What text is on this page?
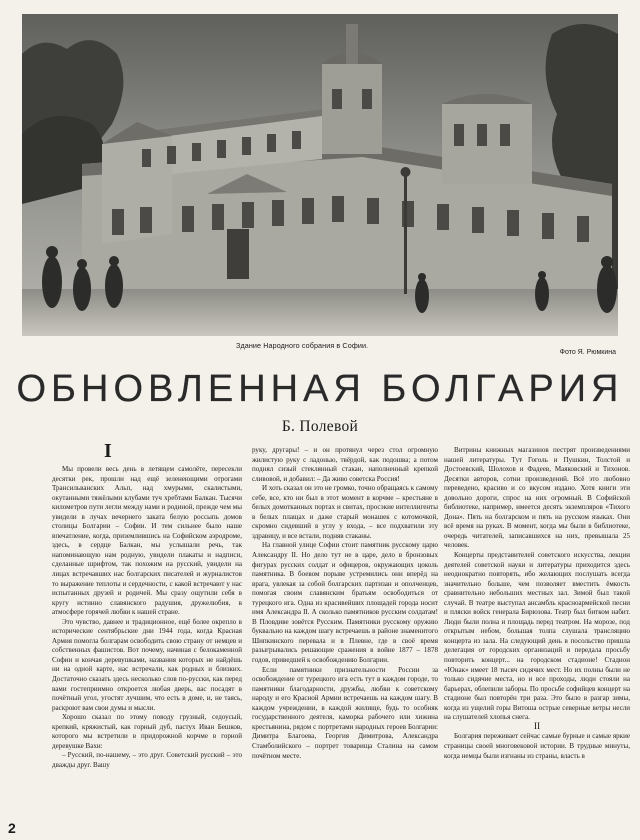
Здание Народного собрания в Софии.
Фото Я. Рюмкина
ОБНОВЛЕННАЯ БОЛГАРИЯ
Б. Полевой
I

Мы провели весь день в летящем самолёте, пересекли десятки рек, прошли над ещё зеленеющими отрогами Трансильванских Альп, над хмурыми, скалистыми, окутанными тяжёлыми клубами туч хребтами Балкан. Тысячи километров пути легли между нами и родиной, прежде чем мы увидели в лучах вечернего заката белую россыпь домов столицы Болгарии – Софии. И тем сильнее было наше впечатление, когда, приземлившись на Софийском аэродроме, здесь, в сердце Балкан, мы услышали речь, так напоминающую нам родную, увидели плакаты и надписи, сделанные шрифтом, так похожим на русский, увидели на лицах встречавших нас болгарских писателей и журналистов то выражение теплоты и сердечности, с какой встречают у нас испытанных друзей и родичей. Мы сразу ощутили себя в кругу истинно славянского радушия, дружелюбия, в атмосфере горячей любви к нашей стране.

Это чувство, давнее и традиционное, ещё более окрепло в исторические сентябрьские дни 1944 года, когда Красная Армия помогла болгарам освободить свою страну от немцев и собственных фашистов. Вот почему, начиная с белокаменной Софии и кончая деревушками, названия которых не найдёшь ни на одной карте, нас встречали, как родных и близких. Достаточно сказать здесь несколько слов по-русски, как перед вами гостеприимно откроется любая дверь, вас посадят в почётный угол, угостят лучшим, что есть в доме, и, не таясь, раскроют вам свои думы и мысли.

Хорошо сказал по этому поводу грузный, седоусый, крепкий, кряжистый, как горный дуб, пастух Иван Бешков, которого мы встретили в придорожной корчме в горной деревушке Вахи:

– Русский, по-нашему, – это друг. Советский русский – это дважды друг. Вашу

руку, другары! – и он протянул через стол огромную жилистую руку с ладонью, твёрдой, как подошва; а потом поднял сизый стеклянный стакан, наполненный крепкой сливовой, и добавил: – Да живо советска Россия!

И хоть сказал он это не громко, точно обращаясь к самому себе, все, кто ни был в этот момент в корчме – крестьяне в белых домотканных портах и свитах, просэкие интеллигенты в белых плащах и даже старый монашек с котомочкой, скромно сидевший в углу у входа, – все подхватили эту здравицу, и все встали, подняв стаканы.

На главной улице Софии стоит памятник русскому царю Александру II. Но дело тут не в царе, дело в бронзовых фигурах русских солдат и офицеров, окружающих цоколь памятника. В боевом порыве устремились они вперёд на врага, увлекая за собой болгарских партизан и ополченцев, помогая своим славянским братьям освободиться от турецкого ига. Одна из красивейших площадей города носит имя Александра II. А сколько памятников русским солдатам! В Пловдиве зовётся Русским. Памятники русскому оружию буквально на каждом шагу встречаешь в районе знаменитого Шипкинского перевала и в Плевне, где в своё время разыгрывались решающие сражения в войне 1877 – 1878 годов, приведшей к освобождению Болгарии.

Если памятники признательности России за освобождение от турецкого ига есть тут в каждом городе, то памятники благодарности, дружбы, любви к советскому народу и его Красной Армии встречаешь на каждом шагу. В каждом учреждении, в каждой жилище, будь то особняк государственного деятеля, каморка рабочего или хижина крестьянина, рядом с портретами народных героев Болгарии: Димитра Благоева, Георгия Димитрова, Александра Стамболийского – портрет товарища Сталина на самом почётном месте.

Витрины книжных магазинов пестрят произведениями нашей литературы. Тут Гоголь и Пушкин, Толстой и Достоевский, Шолохов и Фадеев, Маяковский и Тихонов. Десятки авторов, сотни произведений. Всё это любовно переведено, красиво и со вкусом издано. Хотя книги эти довольно дороги, спрос на них огромный. В Софийской библиотеке, например, имеется десять экземпляров «Тихого Дона». Пять на болгарском и пять на русском языках. Они всё время на руках. В момент, когда мы были в библиотеке, очередь читателей, записавшихся на них, превышала 25 человек.

Концерты представителей советского искусства, лекции деятелей советской науки и литературы приходится здесь неоднократно повторять, ибо желающих послушать всегда значительно больше, чем позволяет вместить ёмкость сравнительно небольших местных зал. Зимой был такой случай. В театре выступал ансамбль красноармейской песни и пляски войск генерала Бирюзова. Театр был битком набит. Люди были полна и площадь перед театром. На морозе, под открытым небом, большая толпа слушала трансляцию концерта из зала. На следующий день в посольство пришла делегация от городских организаций и передала просьбу повторить концерт... на городском стадионе! Стадион «Юнак» имеет 18 тысяч сидячих мест. Но их полны были не только сидячие места, но и все проходы, люди стояли на барьерах, облепили заборы. По просьбе софийцев концерт на стадионе был повторён три раза. Это было в разгар зимы, когда из ущелий горы Витоша острые северные ветры несли на слушателей хлопья снега.

II

Болгария переживает сейчас самые бурные и самые яркие страницы своей многовековой истории. В трудные минуты, когда немцы были изгнаны из страны, власть в

2
